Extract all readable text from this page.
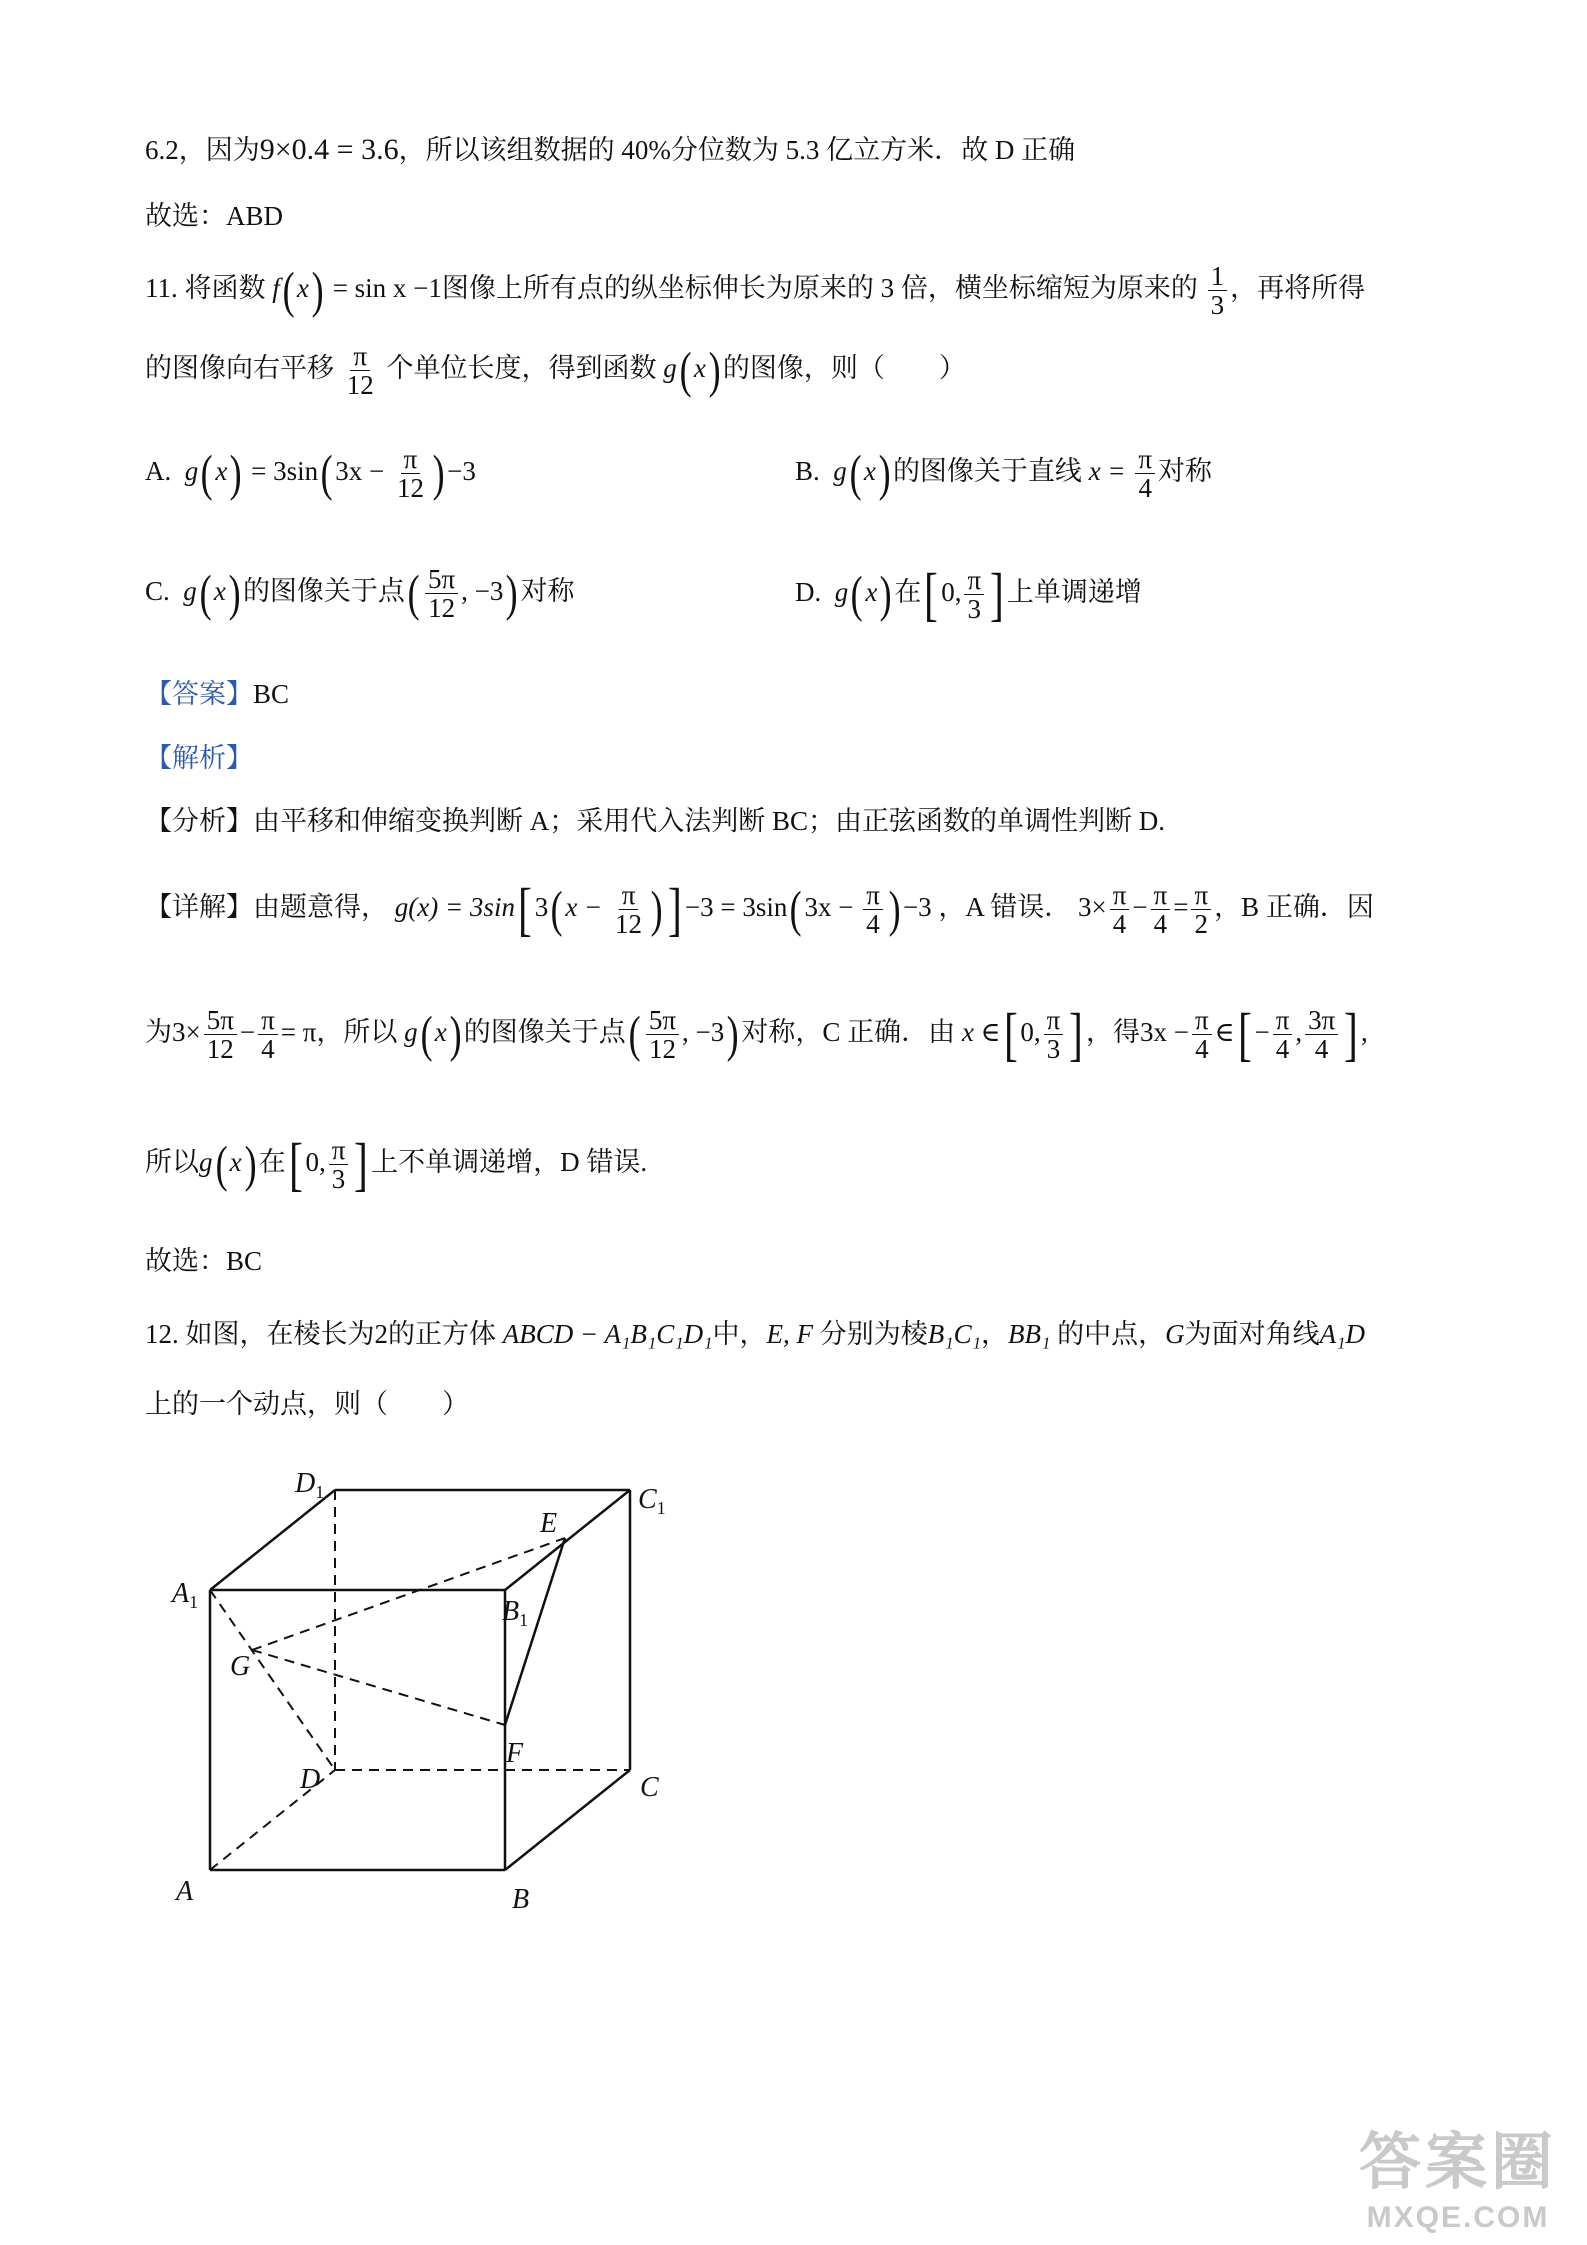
6.2，因为9×0.4 = 3.6，所以该组数据的 40%分位数为 5.3 亿立方米．故 D 正确
故选：ABD
11. 将函数 f(x) = sin x −1图像上所有点的纵坐标伸长为原来的 3 倍，横坐标缩短为原来的 $\frac{1}{3}$ ，再将所得
的图像向右平移 $\frac{\pi}{12}$ 个单位长度，得到函数 g(x)的图像，则（　　）
A. $g(x) = 3\sin(3x - \frac{\pi}{12} )-3$	B. g(x)的图像关于直线 $x = \frac{\pi}{4}$ 对称
C. g(x)的图像关于点( $\frac{5\pi}{12}$ , −3)对称	D. g(x)在[ 0, $\frac{\pi}{3}$ ] 上单调递增
【答案】BC
【解析】
【分析】由平移和伸缩变换判断 A；采用代入法判断 BC；由正弦函数的单调性判断 D.
【详解】由题意得， g(x) = 3sin[ $3(x - \frac{\pi}{12}$ )] $-3 = 3\sin(3x - \frac{\pi}{4} )-3$ ，A 错误． $3\times \frac{\pi}{4} - \frac{\pi}{4} = \frac{\pi}{2}$ ，B 正确．因
为$3\times \frac{5\pi}{12} - \frac{\pi}{4} = \pi$，所以 g(x)的图像关于点( $\frac{5\pi}{12}$ , −3)对称，C 正确．由 x ∈[ 0, $\frac{\pi}{3}$ ] ，得$3x - \frac{\pi}{4}$ ∈[ − $\frac{\pi}{4}$ , $\frac{3\pi}{4}$ ] ,
所以g(x)在[ 0, $\frac{\pi}{3}$ ] 上不单调递增，D 错误.
故选：BC
12. 如图，在棱长为2的正方体 ABCD − A₁B₁C₁D₁中，E, F 分别为棱B₁C₁，BB₁ 的中点，G为面对角线A₁D
上的一个动点，则（　　）
$D_1$	$C_1$
$A_1$	$B_1$
E
G
F
D	C
A	B
答案圈
MXQE.COM
